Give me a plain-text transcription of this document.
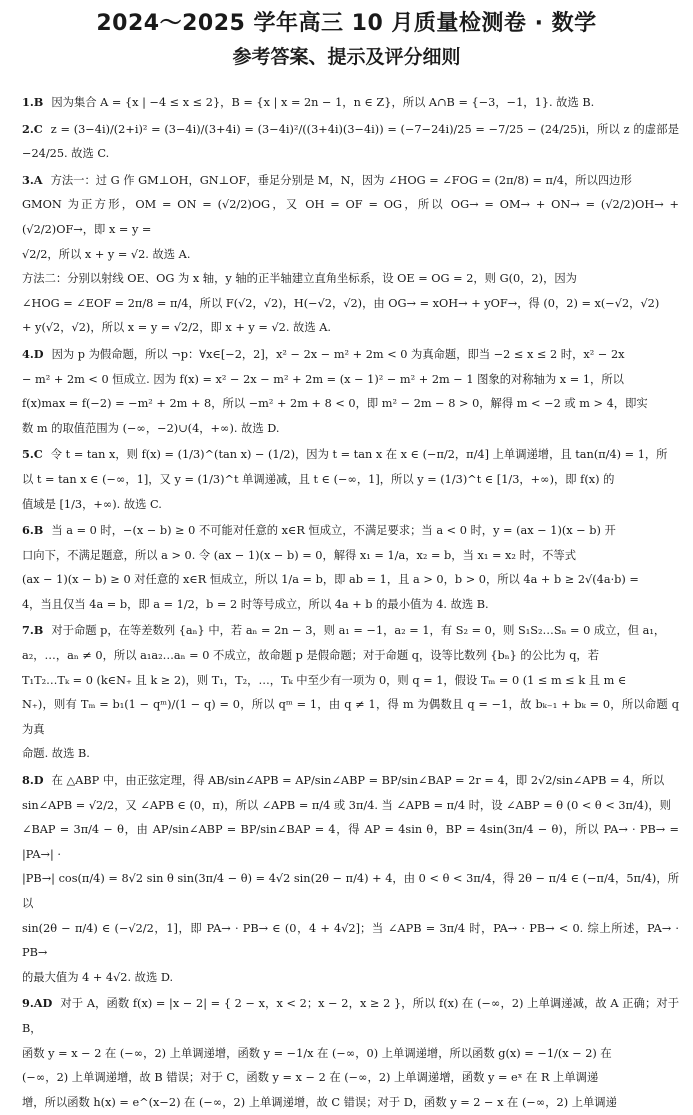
2024～2025 学年高三 10 月质量检测卷 · 数学
参考答案、提示及评分细则
1.B 因为集合 A = {x | −4 ≤ x ≤ 2}，B = {x | x = 2n − 1，n ∈ Z}，所以 A∩B = {−3，−1，1}. 故选 B.
2.C z = (3−4i)/(2+i)² = (3−4i)/(3+4i) = (3−4i)²/((3+4i)(3−4i)) = (−7−24i)/25 = −7/25 − (24/25)i，所以 z 的虚部是 −24/25. 故选 C.
3.A 方法一：过 G 作 GM⊥OH，GN⊥OF，垂足分别是 M，N，因为 ∠HOG = ∠FOG = (2π/8) = π/4，所以四边形
GMON 为正方形，OM = ON = (√2/2)OG，又 OH = OF = OG，所以 OG→ = OM→ + ON→ = (√2/2)OH→ + (√2/2)OF→，即 x = y =
√2/2，所以 x + y = √2. 故选 A.
方法二：分别以射线 OE、OG 为 x 轴，y 轴的正半轴建立直角坐标系，设 OE = OG = 2，则 G(0，2)，因为
∠HOG = ∠EOF = 2π/8 = π/4，所以 F(√2，√2)，H(−√2，√2)，由 OG→ = xOH→ + yOF→，得 (0，2) = x(−√2，√2)
+ y(√2，√2)，所以 x = y = √2/2，即 x + y = √2. 故选 A.
4.D 因为 p 为假命题，所以 ¬p：∀x∈[−2，2]，x² − 2x − m² + 2m < 0 为真命题，即当 −2 ≤ x ≤ 2 时，x² − 2x
− m² + 2m < 0 恒成立. 因为 f(x) = x² − 2x − m² + 2m = (x − 1)² − m² + 2m − 1 图象的对称轴为 x = 1，所以
f(x)max = f(−2) = −m² + 2m + 8，所以 −m² + 2m + 8 < 0，即 m² − 2m − 8 > 0，解得 m < −2 或 m > 4，即实
数 m 的取值范围为 (−∞，−2)∪(4，+∞). 故选 D.
5.C 令 t = tan x，则 f(x) = (1/3)^(tan x) − (1/2)，因为 t = tan x 在 x ∈ (−π/2，π/4] 上单调递增，且 tan(π/4) = 1，所
以 t = tan x ∈ (−∞，1]，又 y = (1/3)^t 单调递减，且 t ∈ (−∞，1]，所以 y = (1/3)^t ∈ [1/3，+∞)，即 f(x) 的
值域是 [1/3，+∞). 故选 C.
6.B 当 a = 0 时，−(x − b) ≥ 0 不可能对任意的 x∈R 恒成立，不满足要求；当 a < 0 时，y = (ax − 1)(x − b) 开
口向下，不满足题意，所以 a > 0. 令 (ax − 1)(x − b) = 0，解得 x₁ = 1/a，x₂ = b，当 x₁ = x₂ 时，不等式
(ax − 1)(x − b) ≥ 0 对任意的 x∈R 恒成立，所以 1/a = b，即 ab = 1，且 a > 0，b > 0，所以 4a + b ≥ 2√(4a·b) =
4，当且仅当 4a = b，即 a = 1/2，b = 2 时等号成立，所以 4a + b 的最小值为 4. 故选 B.
7.B 对于命题 p，在等差数列 {aₙ} 中，若 aₙ = 2n − 3，则 a₁ = −1，a₂ = 1，有 S₂ = 0，则 S₁S₂…Sₙ = 0 成立，但 a₁，
a₂，…，aₙ ≠ 0，所以 a₁a₂…aₙ = 0 不成立，故命题 p 是假命题；对于命题 q，设等比数列 {bₙ} 的公比为 q，若
T₁T₂…Tₖ = 0 (k∈N₊ 且 k ≥ 2)，则 T₁，T₂，…，Tₖ 中至少有一项为 0，则 q = 1，假设 Tₘ = 0 (1 ≤ m ≤ k 且 m ∈
N₊)，则有 Tₘ = b₁(1 − qᵐ)/(1 − q) = 0，所以 qᵐ = 1，由 q ≠ 1，得 m 为偶数且 q = −1，故 bₖ₋₁ + bₖ = 0，所以命题 q 为真
命题. 故选 B.
8.D 在 △ABP 中，由正弦定理，得 AB/sin∠APB = AP/sin∠ABP = BP/sin∠BAP = 2r = 4，即 2√2/sin∠APB = 4，所以
sin∠APB = √2/2，又 ∠APB ∈ (0，π)，所以 ∠APB = π/4 或 3π/4. 当 ∠APB = π/4 时，设 ∠ABP = θ (0 < θ < 3π/4)，则
∠BAP = 3π/4 − θ，由 AP/sin∠ABP = BP/sin∠BAP = 4，得 AP = 4sin θ，BP = 4sin(3π/4 − θ)，所以 PA→ · PB→ = |PA→| ·
|PB→| cos(π/4) = 8√2 sin θ sin(3π/4 − θ) = 4√2 sin(2θ − π/4) + 4，由 0 < θ < 3π/4，得 2θ − π/4 ∈ (−π/4，5π/4)，所以
sin(2θ − π/4) ∈ (−√2/2，1]，即 PA→ · PB→ ∈ (0，4 + 4√2]；当 ∠APB = 3π/4 时，PA→ · PB→ < 0. 综上所述，PA→ · PB→
的最大值为 4 + 4√2. 故选 D.
9.AD 对于 A，函数 f(x) = |x − 2| = { 2 − x，x < 2；x − 2，x ≥ 2 }，所以 f(x) 在 (−∞，2) 上单调递减，故 A 正确；对于 B，
函数 y = x − 2 在 (−∞，2) 上单调递增，函数 y = −1/x 在 (−∞，0) 上单调递增，所以函数 g(x) = −1/(x − 2) 在
(−∞，2) 上单调递增，故 B 错误；对于 C，函数 y = x − 2 在 (−∞，2) 上单调递增，函数 y = eˣ 在 R 上单调递
增，所以函数 h(x) = e^(x−2) 在 (−∞，2) 上单调递增，故 C 错误；对于 D，函数 y = 2 − x 在 (−∞，2) 上单调递
